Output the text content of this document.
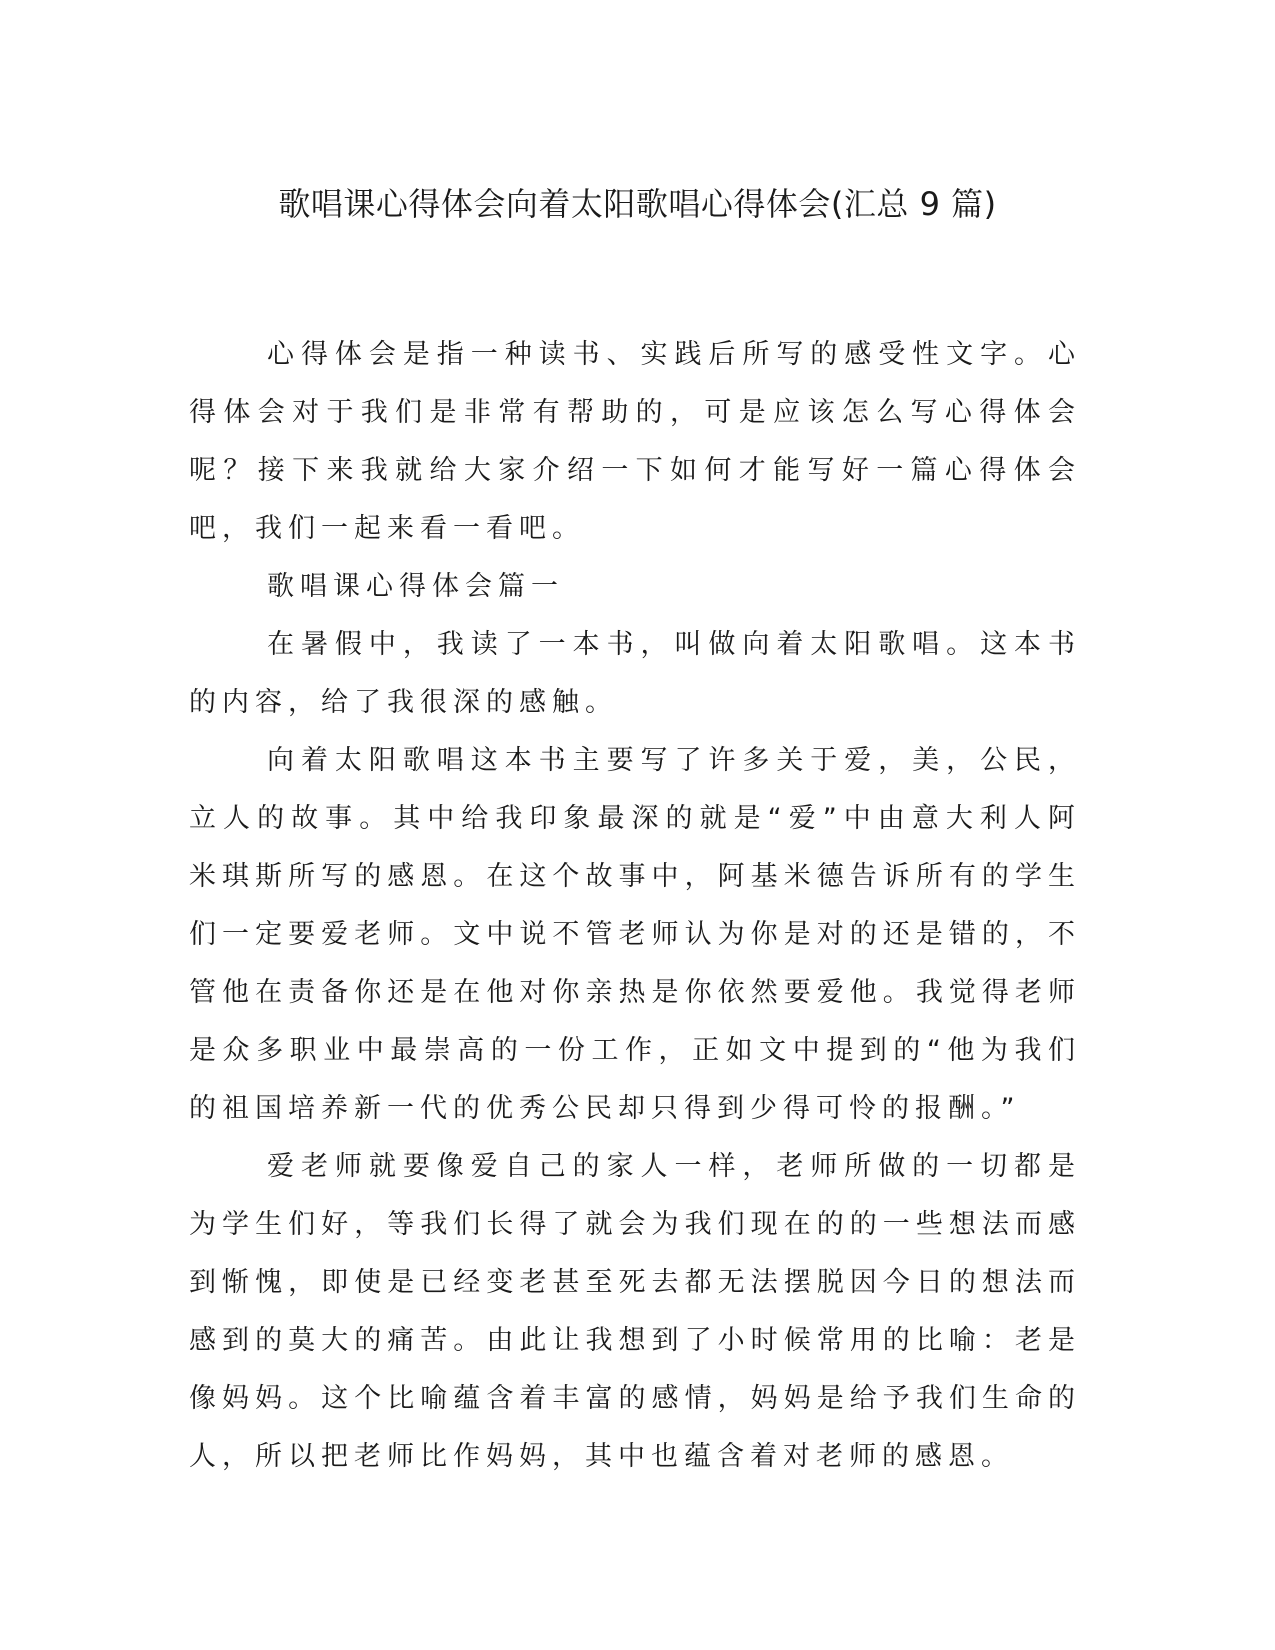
歌唱课心得体会向着太阳歌唱心得体会(汇总 9 篇)

心得体会是指一种读书、实践后所写的感受性文字。心得体会对于我们是非常有帮助的，可是应该怎么写心得体会呢？接下来我就给大家介绍一下如何才能写好一篇心得体会吧，我们一起来看一看吧。

歌唱课心得体会篇一

在暑假中，我读了一本书，叫做向着太阳歌唱。这本书的内容，给了我很深的感触。

向着太阳歌唱这本书主要写了许多关于爱，美，公民，立人的故事。其中给我印象最深的就是“爱”中由意大利人阿米琪斯所写的感恩。在这个故事中，阿基米德告诉所有的学生们一定要爱老师。文中说不管老师认为你是对的还是错的，不管他在责备你还是在他对你亲热是你依然要爱他。我觉得老师是众多职业中最崇高的一份工作，正如文中提到的“他为我们的祖国培养新一代的优秀公民却只得到少得可怜的报酬。”

爱老师就要像爱自己的家人一样，老师所做的一切都是为学生们好，等我们长得了就会为我们现在的的一些想法而感到惭愧，即使是已经变老甚至死去都无法摆脱因今日的想法而感到的莫大的痛苦。由此让我想到了小时候常用的比喻：老是像妈妈。这个比喻蕴含着丰富的感情，妈妈是给予我们生命的人，所以把老师比作妈妈，其中也蕴含着对老师的感恩。
